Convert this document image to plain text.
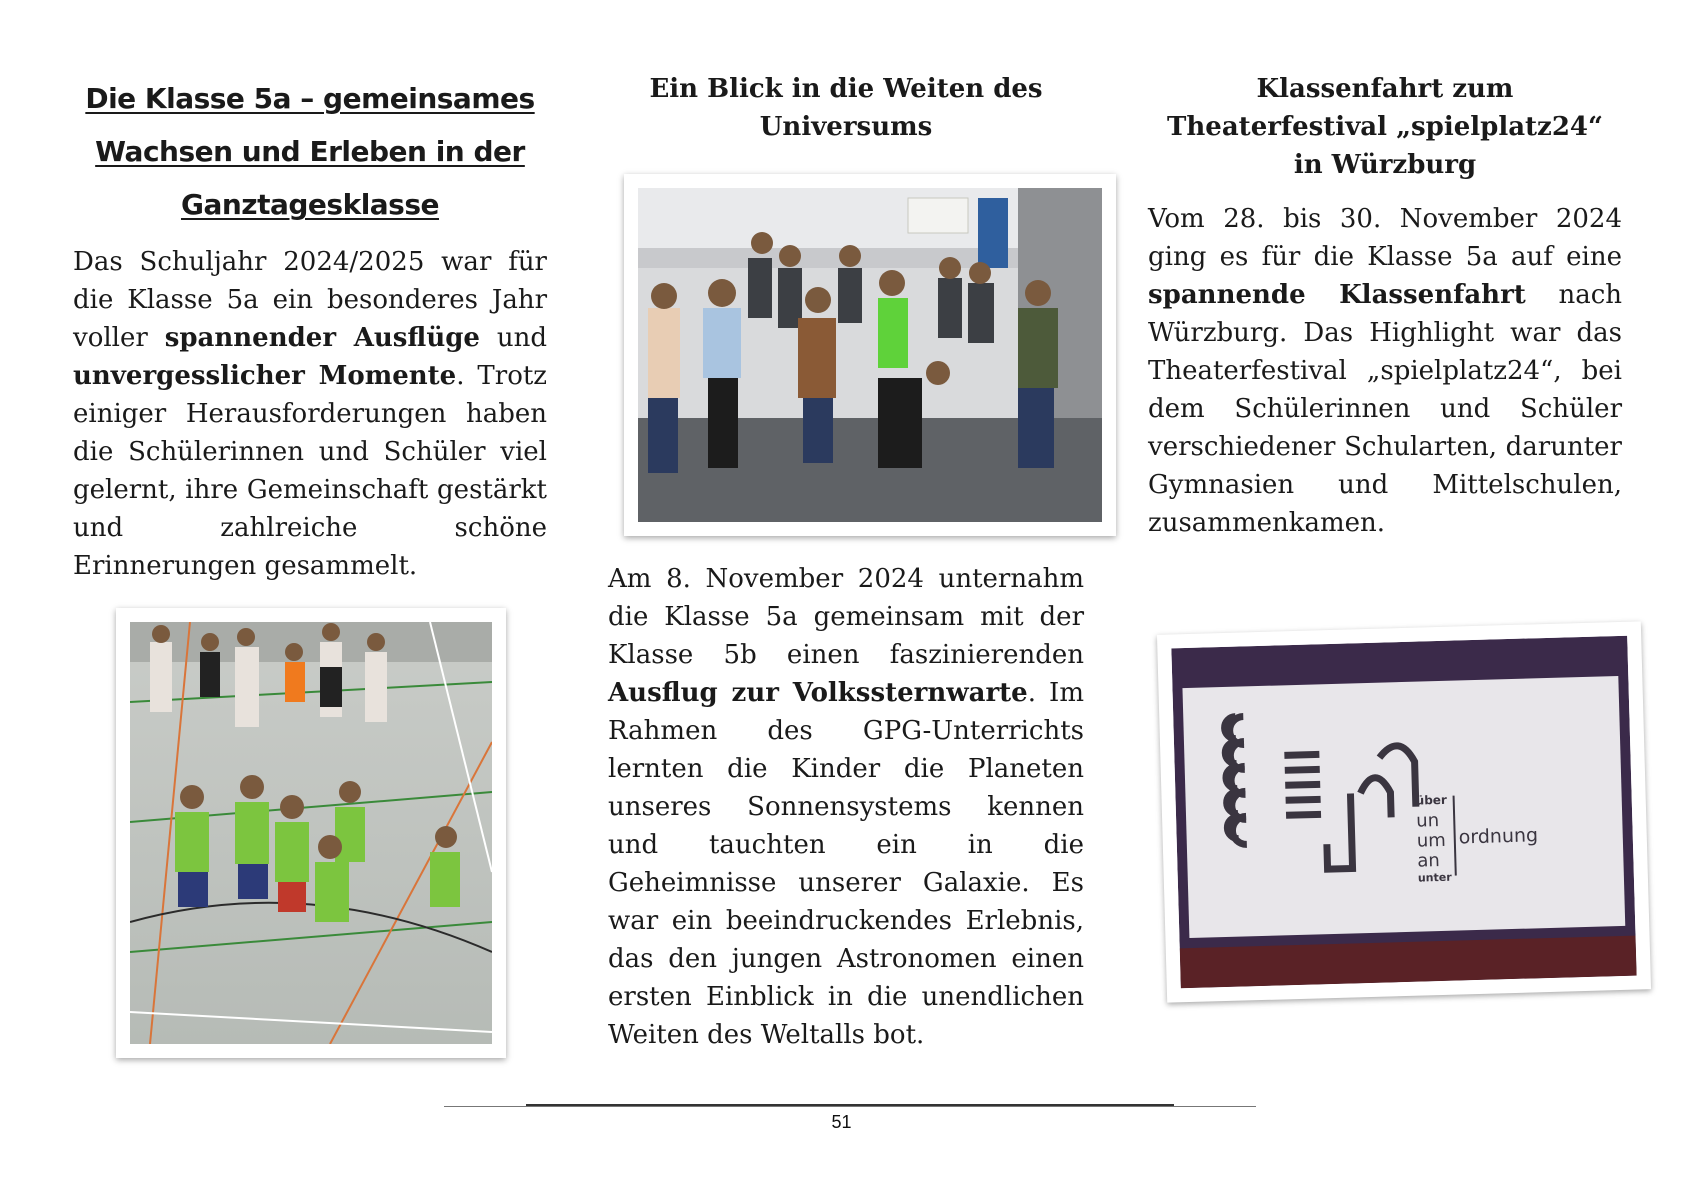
Die Klasse 5a – gemeinsames Wachsen und Erleben in der Ganztagesklasse

Das Schuljahr 2024/2025 war für die Klasse 5a ein besonderes Jahr voller spannender Ausflüge und unvergesslicher Momente. Trotz einiger Herausforderungen haben die Schülerinnen und Schüler viel gelernt, ihre Gemeinschaft gestärkt und zahlreiche schöne Erinnerungen gesammelt.

Ein Blick in die Weiten des
Universums

Am 8. November 2024 unternahm die Klasse 5a gemeinsam mit der Klasse 5b einen faszinierenden Ausflug zur Volkssternwarte. Im Rahmen des GPG-Unterrichts lernten die Kinder die Planeten unseres Sonnensystems kennen und tauchten ein in die Geheimnisse unserer Galaxie. Es war ein beeindruckendes Erlebnis, das den jungen Astronomen einen ersten Einblick in die unendlichen Weiten des Weltalls bot.

Klassenfahrt zum
Theaterfestival „spielplatz24“
in Würzburg

Vom 28. bis 30. November 2024 ging es für die Klasse 5a auf eine spannende Klassenfahrt nach Würzburg. Das Highlight war das Theaterfestival „spielplatz24“, bei dem Schülerinnen und Schüler verschiedener Schularten, darunter Gymnasien und Mittelschulen, zusammenkamen.

über
un
um
an
unter
ordnung
51
